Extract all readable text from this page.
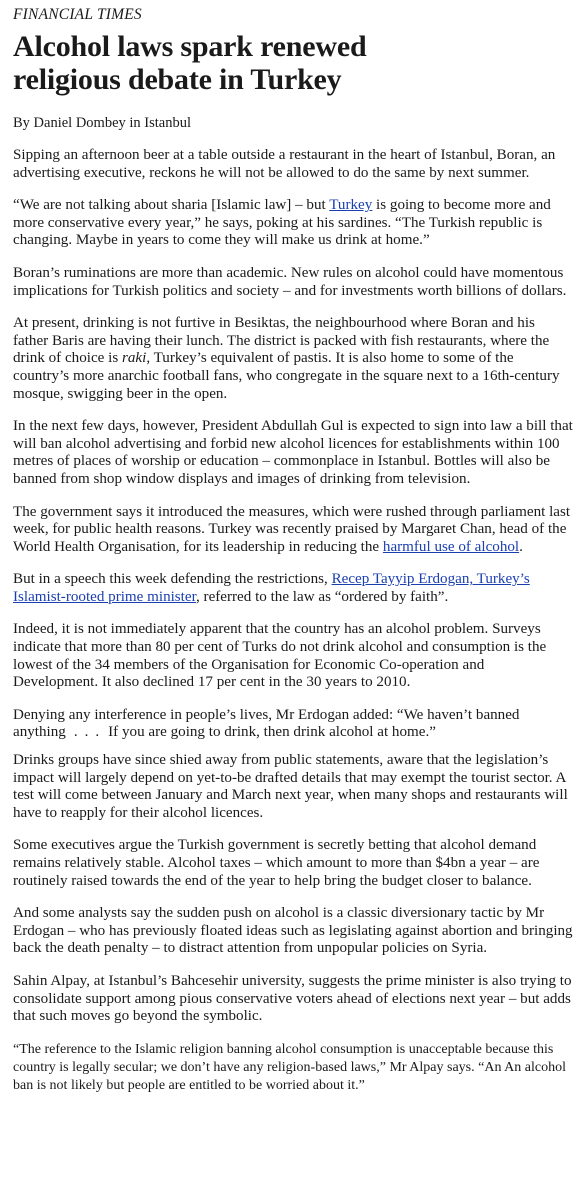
FINANCIAL TIMES
Alcohol laws spark renewed
religious debate in Turkey
By Daniel Dombey in Istanbul

Sipping an afternoon beer at a table outside a restaurant in the heart of Istanbul, Boran, an advertising executive, reckons he will not be allowed to do the same by next summer.

“We are not talking about sharia [Islamic law] – but Turkey is going to become more and more conservative every year,” he says, poking at his sardines. “The Turkish republic is changing. Maybe in years to come they will make us drink at home.”

Boran’s ruminations are more than academic. New rules on alcohol could have momentous implications for Turkish politics and society – and for investments worth billions of dollars.

At present, drinking is not furtive in Besiktas, the neighbourhood where Boran and his father Baris are having their lunch. The district is packed with fish restaurants, where the drink of choice is raki, Turkey’s equivalent of pastis. It is also home to some of the country’s more anarchic football fans, who congregate in the square next to a 16th-century mosque, swigging beer in the open.

In the next few days, however, President Abdullah Gul is expected to sign into law a bill that will ban alcohol advertising and forbid new alcohol licences for establishments within 100 metres of places of worship or education – commonplace in Istanbul. Bottles will also be banned from shop window displays and images of drinking from television.

The government says it introduced the measures, which were rushed through parliament last week, for public health reasons. Turkey was recently praised by Margaret Chan, head of the World Health Organisation, for its leadership in reducing the harmful use of alcohol.

But in a speech this week defending the restrictions, Recep Tayyip Erdogan, Turkey’s Islamist-rooted prime minister, referred to the law as “ordered by faith”.

Indeed, it is not immediately apparent that the country has an alcohol problem. Surveys indicate that more than 80 per cent of Turks do not drink alcohol and consumption is the lowest of the 34 members of the Organisation for Economic Co-operation and Development. It also declined 17 per cent in the 30 years to 2010.

Denying any interference in people’s lives, Mr Erdogan added: “We haven’t banned anything ... If you are going to drink, then drink alcohol at home.”

Drinks groups have since shied away from public statements, aware that the legislation’s impact will largely depend on yet-to-be drafted details that may exempt the tourist sector. A test will come between January and March next year, when many shops and restaurants will have to reapply for their alcohol licences.

Some executives argue the Turkish government is secretly betting that alcohol demand remains relatively stable. Alcohol taxes – which amount to more than $4bn a year – are routinely raised towards the end of the year to help bring the budget closer to balance.

And some analysts say the sudden push on alcohol is a classic diversionary tactic by Mr Erdogan – who has previously floated ideas such as legislating against abortion and bringing back the death penalty – to distract attention from unpopular policies on Syria.

Sahin Alpay, at Istanbul’s Bahcesehir university, suggests the prime minister is also trying to consolidate support among pious conservative voters ahead of elections next year – but adds that such moves go beyond the symbolic.

“The reference to the Islamic religion banning alcohol consumption is unacceptable because this country is legally secular; we don’t have any religion-based laws,” Mr Alpay says. “An An alcohol ban is not likely but people are entitled to be worried about it.”
